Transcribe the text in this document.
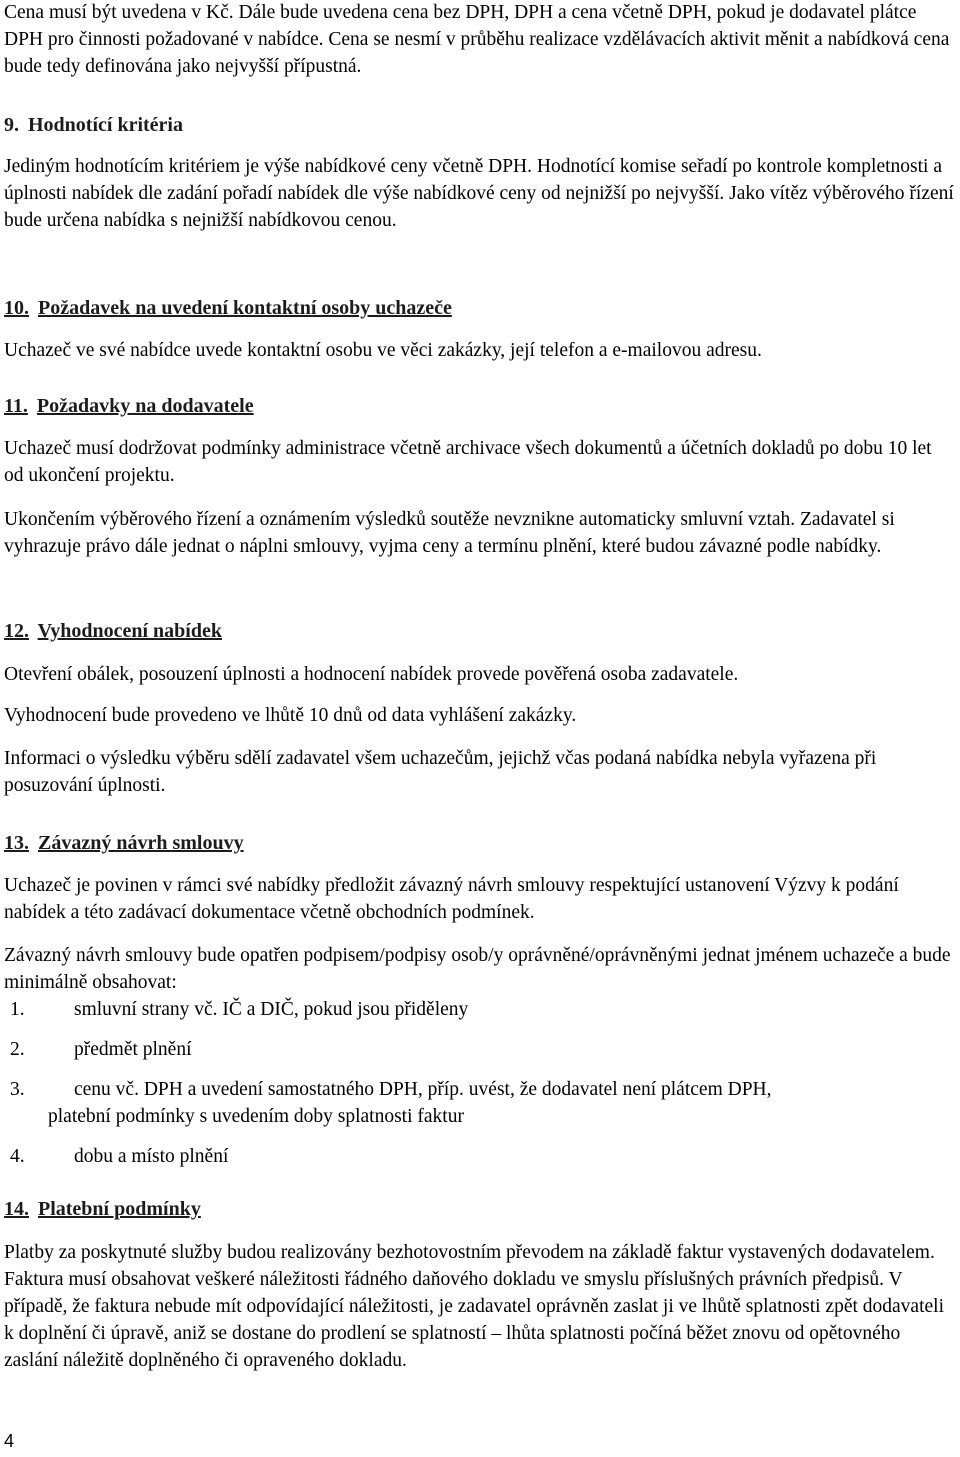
Cena musí být uvedena v Kč. Dále bude uvedena cena bez DPH, DPH a cena včetně DPH, pokud je dodavatel plátce DPH pro činnosti požadované v nabídce. Cena se nesmí v průběhu realizace vzdělávacích aktivit měnit a nabídková cena bude tedy definována jako nejvyšší přípustná.

9. Hodnotící kritéria

Jediným hodnotícím kritériem je výše nabídkové ceny včetně DPH. Hodnotící komise seřadí po kontrole kompletnosti a úplnosti nabídek dle zadání pořadí nabídek dle výše nabídkové ceny od nejnižší po nejvyšší. Jako vítěz výběrového řízení bude určena nabídka s nejnižší nabídkovou cenou.

10. Požadavek na uvedení kontaktní osoby uchazeče

Uchazeč ve své nabídce uvede kontaktní osobu ve věci zakázky, její telefon a e-mailovou adresu.

11. Požadavky na dodavatele

Uchazeč musí dodržovat podmínky administrace včetně archivace všech dokumentů a účetních dokladů po dobu 10 let od ukončení projektu.

Ukončením výběrového řízení a oznámením výsledků soutěže nevznikne automaticky smluvní vztah. Zadavatel si vyhrazuje právo dále jednat o náplni smlouvy, vyjma ceny a termínu plnění, které budou závazné podle nabídky.

12. Vyhodnocení nabídek

Otevření obálek, posouzení úplnosti a hodnocení nabídek provede pověřená osoba zadavatele.

Vyhodnocení bude provedeno ve lhůtě 10 dnů od data vyhlášení zakázky.

Informaci o výsledku výběru sdělí zadavatel všem uchazečům, jejichž včas podaná nabídka nebyla vyřazena při posuzování úplnosti.

13. Závazný návrh smlouvy

Uchazeč je povinen v rámci své nabídky předložit závazný návrh smlouvy respektující ustanovení Výzvy k podání nabídek a této zadávací dokumentace včetně obchodních podmínek.

Závazný návrh smlouvy bude opatřen podpisem/podpisy osob/y oprávněné/oprávněnými jednat jménem uchazeče a bude minimálně obsahovat:

1.	smluvní strany vč. IČ a DIČ, pokud jsou přiděleny
2.	předmět plnění
3.	cenu vč. DPH a uvedení samostatného DPH, příp. uvést, že dodavatel není plátcem DPH,
platební podmínky s uvedením doby splatnosti faktur
4.	dobu a místo plnění
14. Platební podmínky

Platby za poskytnuté služby budou realizovány bezhotovostním převodem na základě faktur vystavených dodavatelem. Faktura musí obsahovat veškeré náležitosti řádného daňového dokladu ve smyslu příslušných právních předpisů. V případě, že faktura nebude mít odpovídající náležitosti, je zadavatel oprávněn zaslat ji ve lhůtě splatnosti zpět dodavateli k doplnění či úpravě, aniž se dostane do prodlení se splatností – lhůta splatnosti počíná běžet znovu od opětovného zaslání náležitě doplněného či opraveného dokladu.

4
